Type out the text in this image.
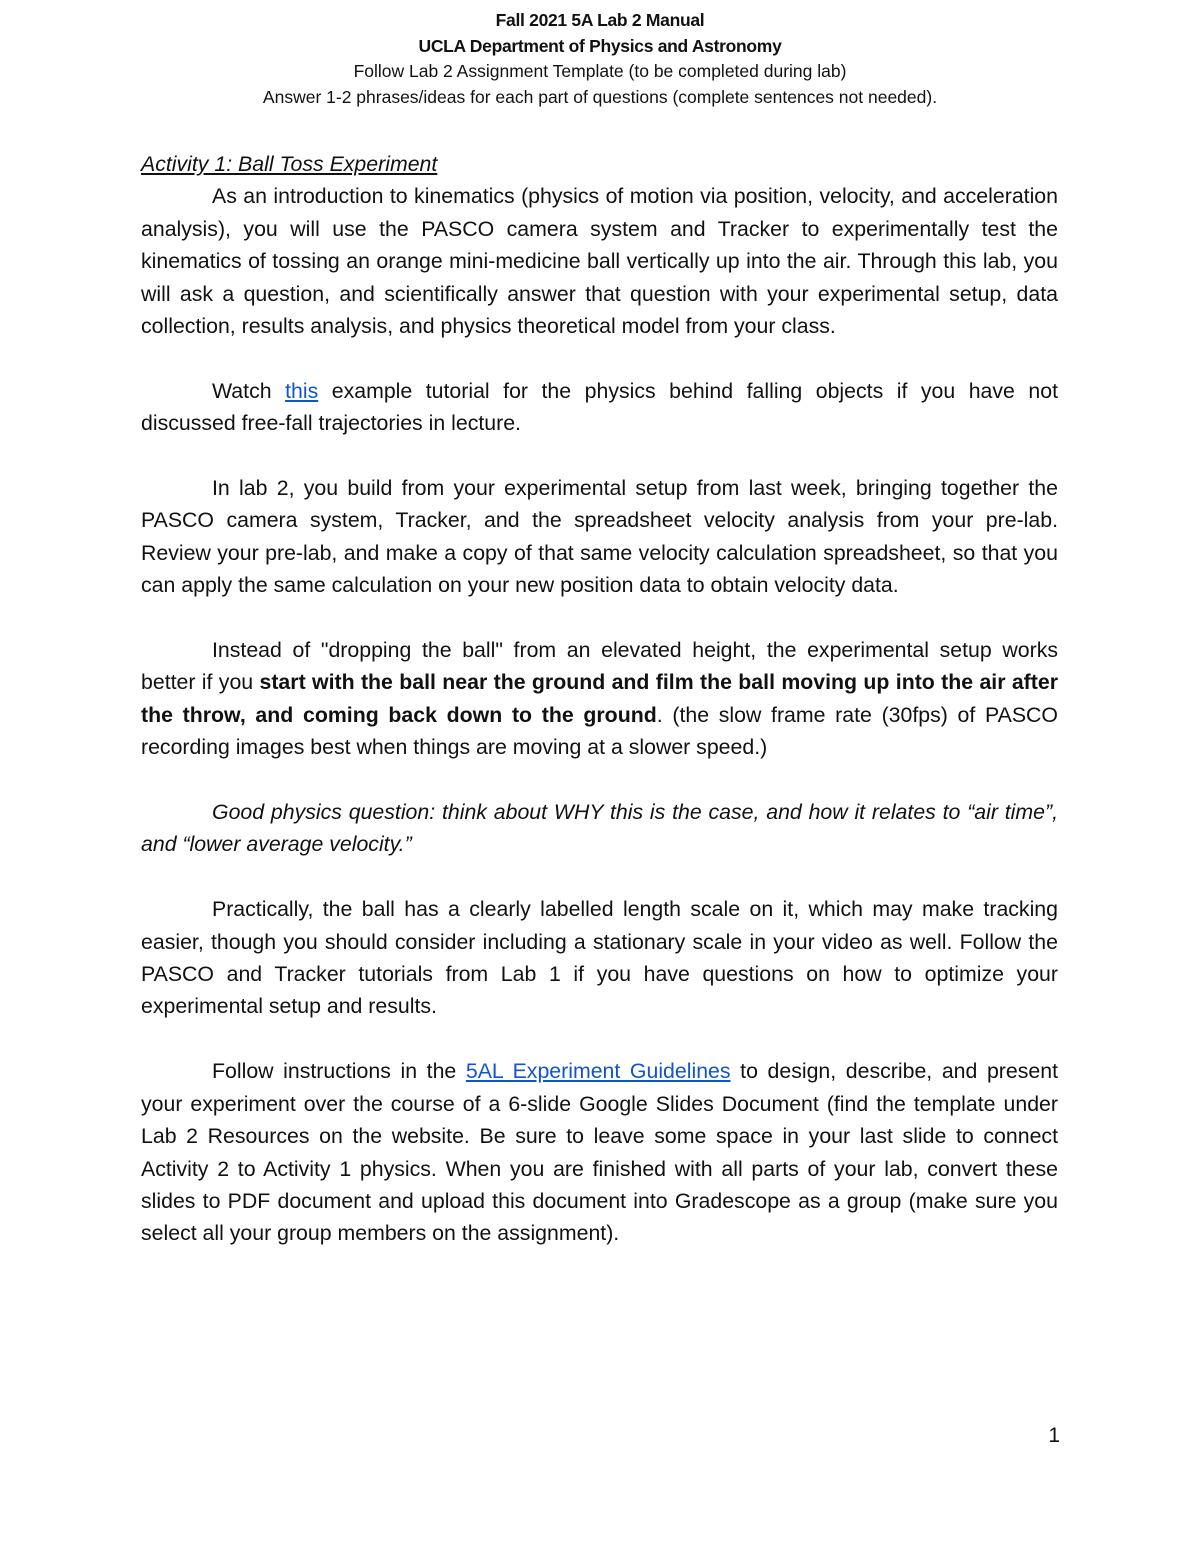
Fall 2021 5A Lab 2 Manual
UCLA Department of Physics and Astronomy
Follow Lab 2 Assignment Template (to be completed during lab)
Answer 1-2 phrases/ideas for each part of questions (complete sentences not needed).

Activity 1: Ball Toss Experiment

As an introduction to kinematics (physics of motion via position, velocity, and acceleration analysis), you will use the PASCO camera system and Tracker to experimentally test the kinematics of tossing an orange mini-medicine ball vertically up into the air. Through this lab, you will ask a question, and scientifically answer that question with your experimental setup, data collection, results analysis, and physics theoretical model from your class.

Watch this example tutorial for the physics behind falling objects if you have not discussed free-fall trajectories in lecture.

In lab 2, you build from your experimental setup from last week, bringing together the PASCO camera system, Tracker, and the spreadsheet velocity analysis from your pre-lab. Review your pre-lab, and make a copy of that same velocity calculation spreadsheet, so that you can apply the same calculation on your new position data to obtain velocity data.

Instead of "dropping the ball" from an elevated height, the experimental setup works better if you start with the ball near the ground and film the ball moving up into the air after the throw, and coming back down to the ground. (the slow frame rate (30fps) of PASCO recording images best when things are moving at a slower speed.)

Good physics question: think about WHY this is the case, and how it relates to “air time”, and “lower average velocity.”

Practically, the ball has a clearly labelled length scale on it, which may make tracking easier, though you should consider including a stationary scale in your video as well. Follow the PASCO and Tracker tutorials from Lab 1 if you have questions on how to optimize your experimental setup and results.

Follow instructions in the 5AL Experiment Guidelines to design, describe, and present your experiment over the course of a 6-slide Google Slides Document (find the template under Lab 2 Resources on the website. Be sure to leave some space in your last slide to connect Activity 2 to Activity 1 physics. When you are finished with all parts of your lab, convert these slides to PDF document and upload this document into Gradescope as a group (make sure you select all your group members on the assignment).

1
